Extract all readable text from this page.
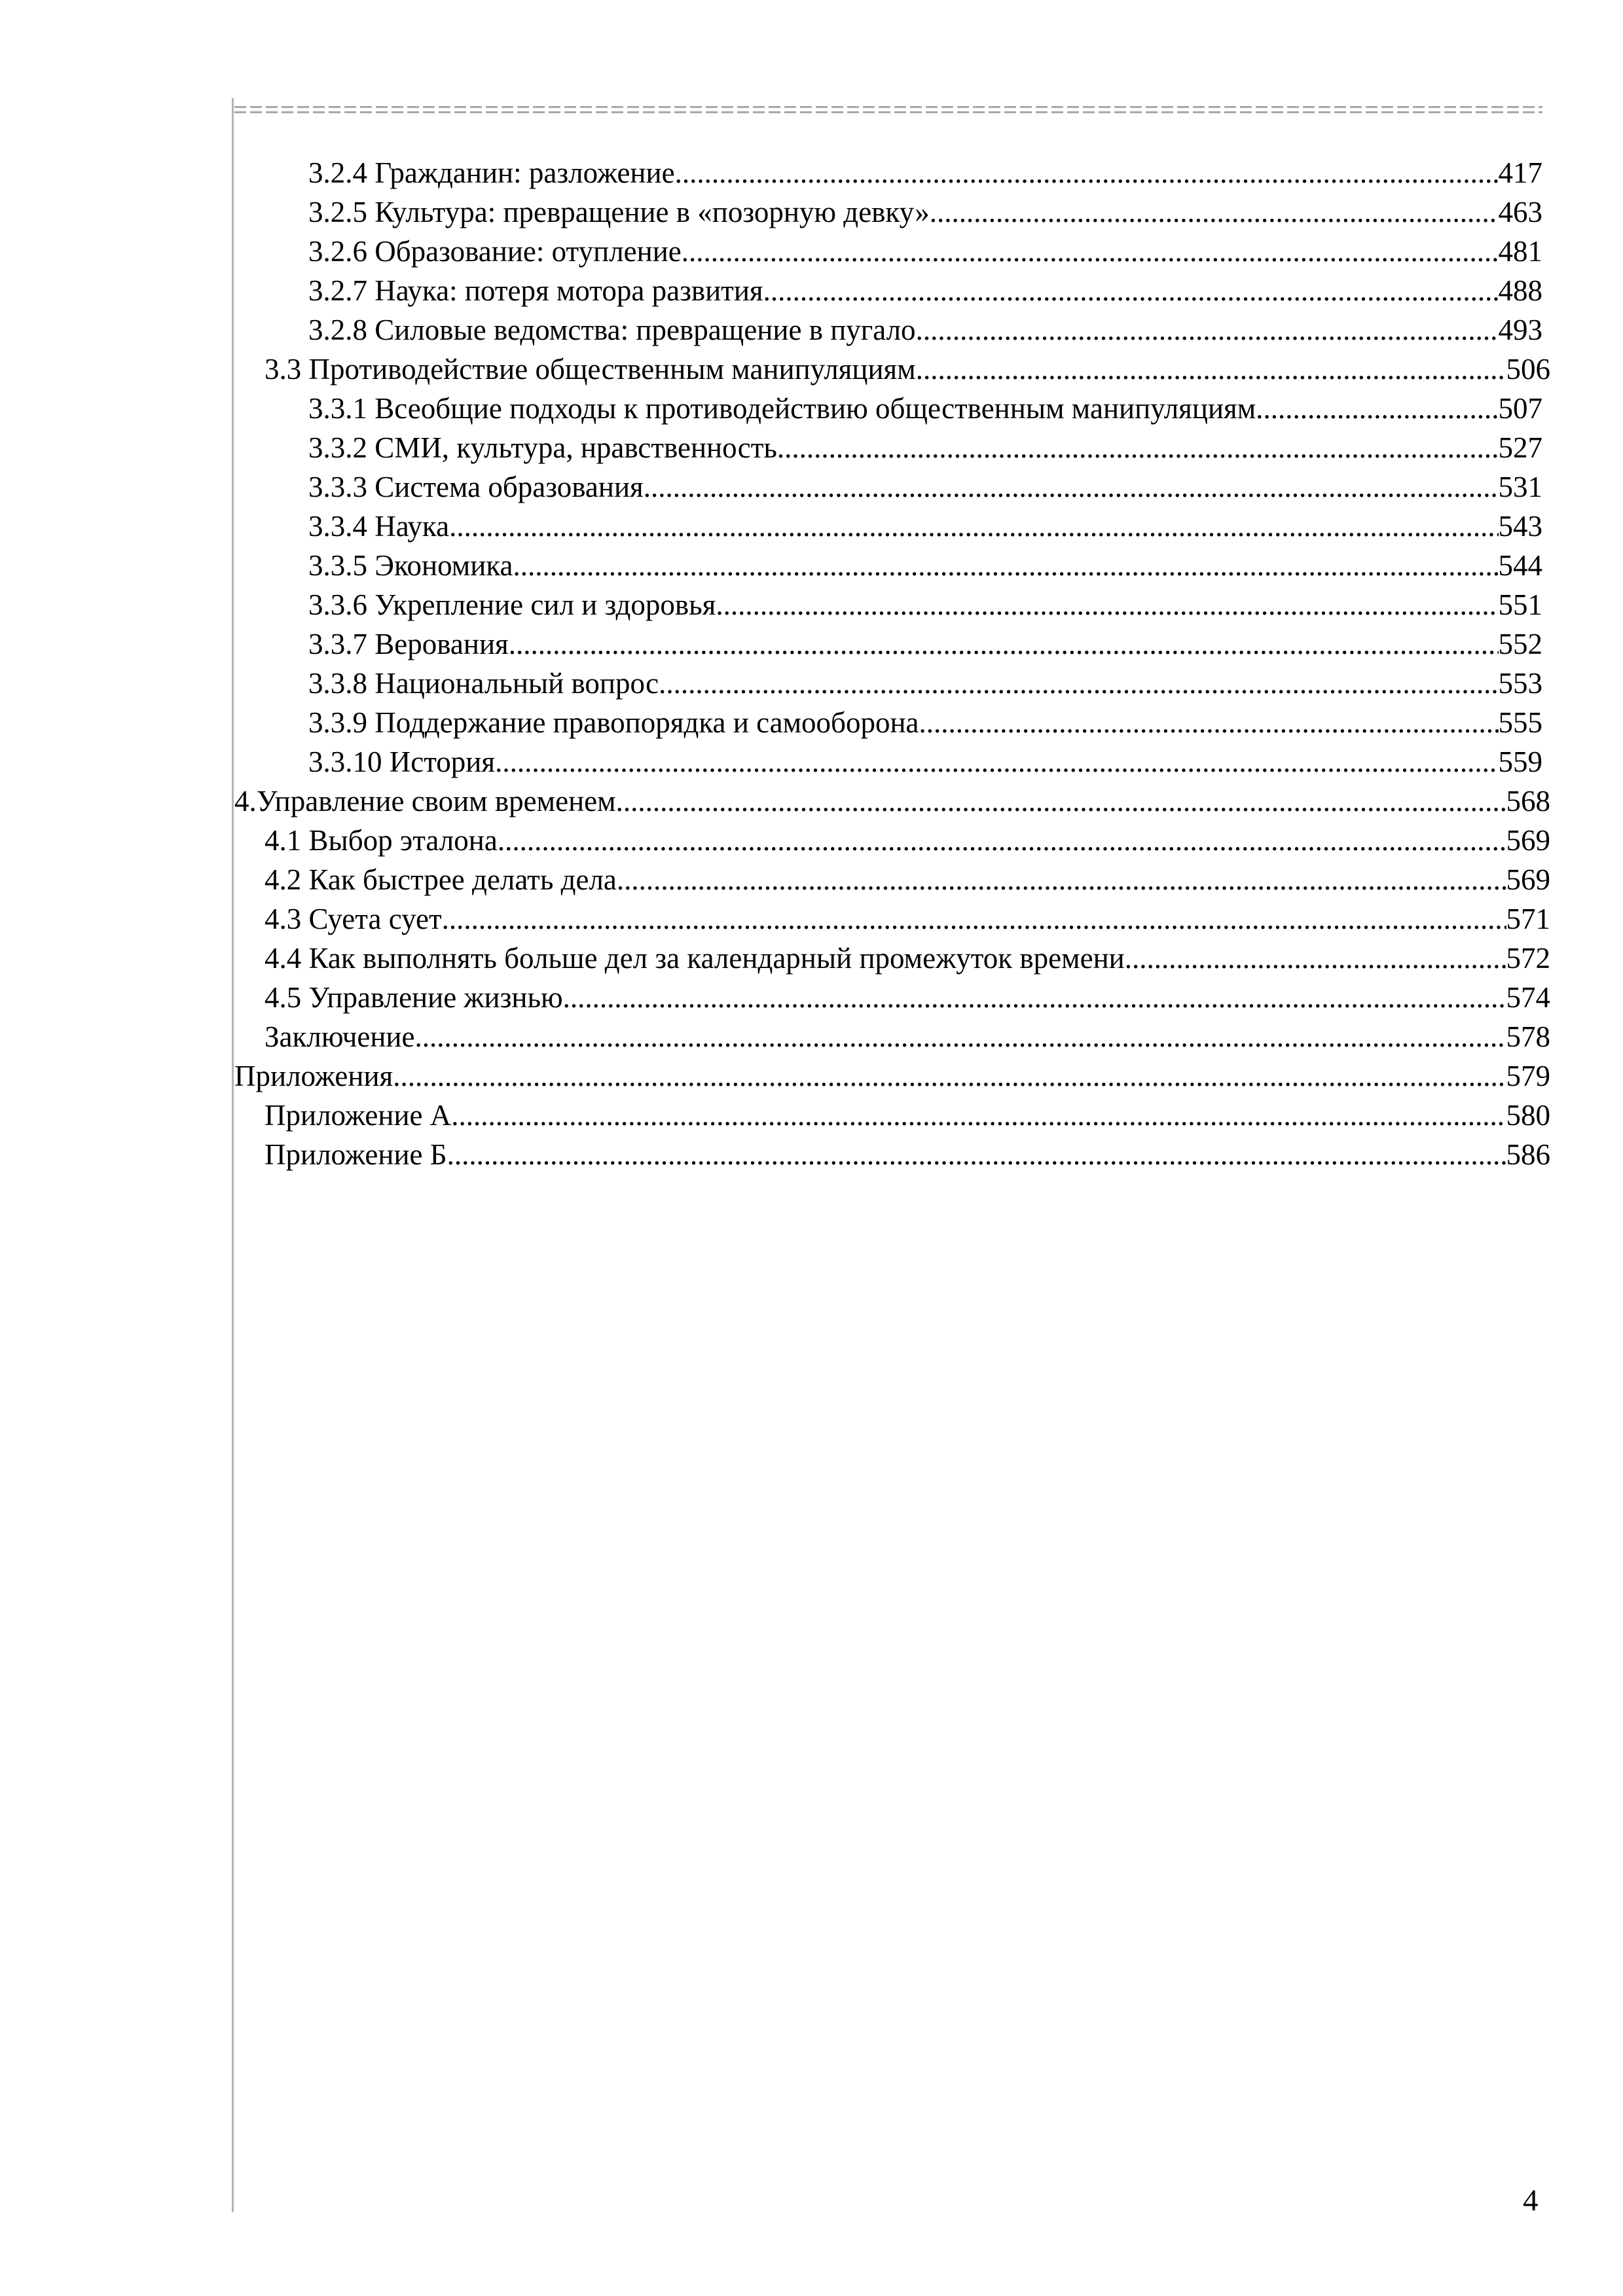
3.2.4 Гражданин: разложение .....	417
3.2.5 Культура: превращение в «позорную девку» .....	463
3.2.6 Образование: отупление .....	481
3.2.7 Наука: потеря мотора развития .....	488
3.2.8 Силовые ведомства: превращение в пугало .....	493
3.3 Противодействие общественным манипуляциям .....	506
3.3.1 Всеобщие подходы к противодействию общественным манипуляциям .....	507
3.3.2 СМИ, культура, нравственность .....	527
3.3.3 Система образования .....	531
3.3.4 Наука .....	543
3.3.5 Экономика .....	544
3.3.6 Укрепление сил и здоровья .....	551
3.3.7 Верования .....	552
3.3.8 Национальный вопрос .....	553
3.3.9 Поддержание правопорядка и самооборона .....	555
3.3.10 История .....	559
4.Управление своим временем .....	568
4.1 Выбор эталона .....	569
4.2 Как быстрее делать дела .....	569
4.3 Суета сует .....	571
4.4 Как выполнять больше дел за календарный промежуток времени .....	572
4.5 Управление жизнью .....	574
Заключение .....	578
Приложения .....	579
Приложение А .....	580
Приложение Б .....	586
4
